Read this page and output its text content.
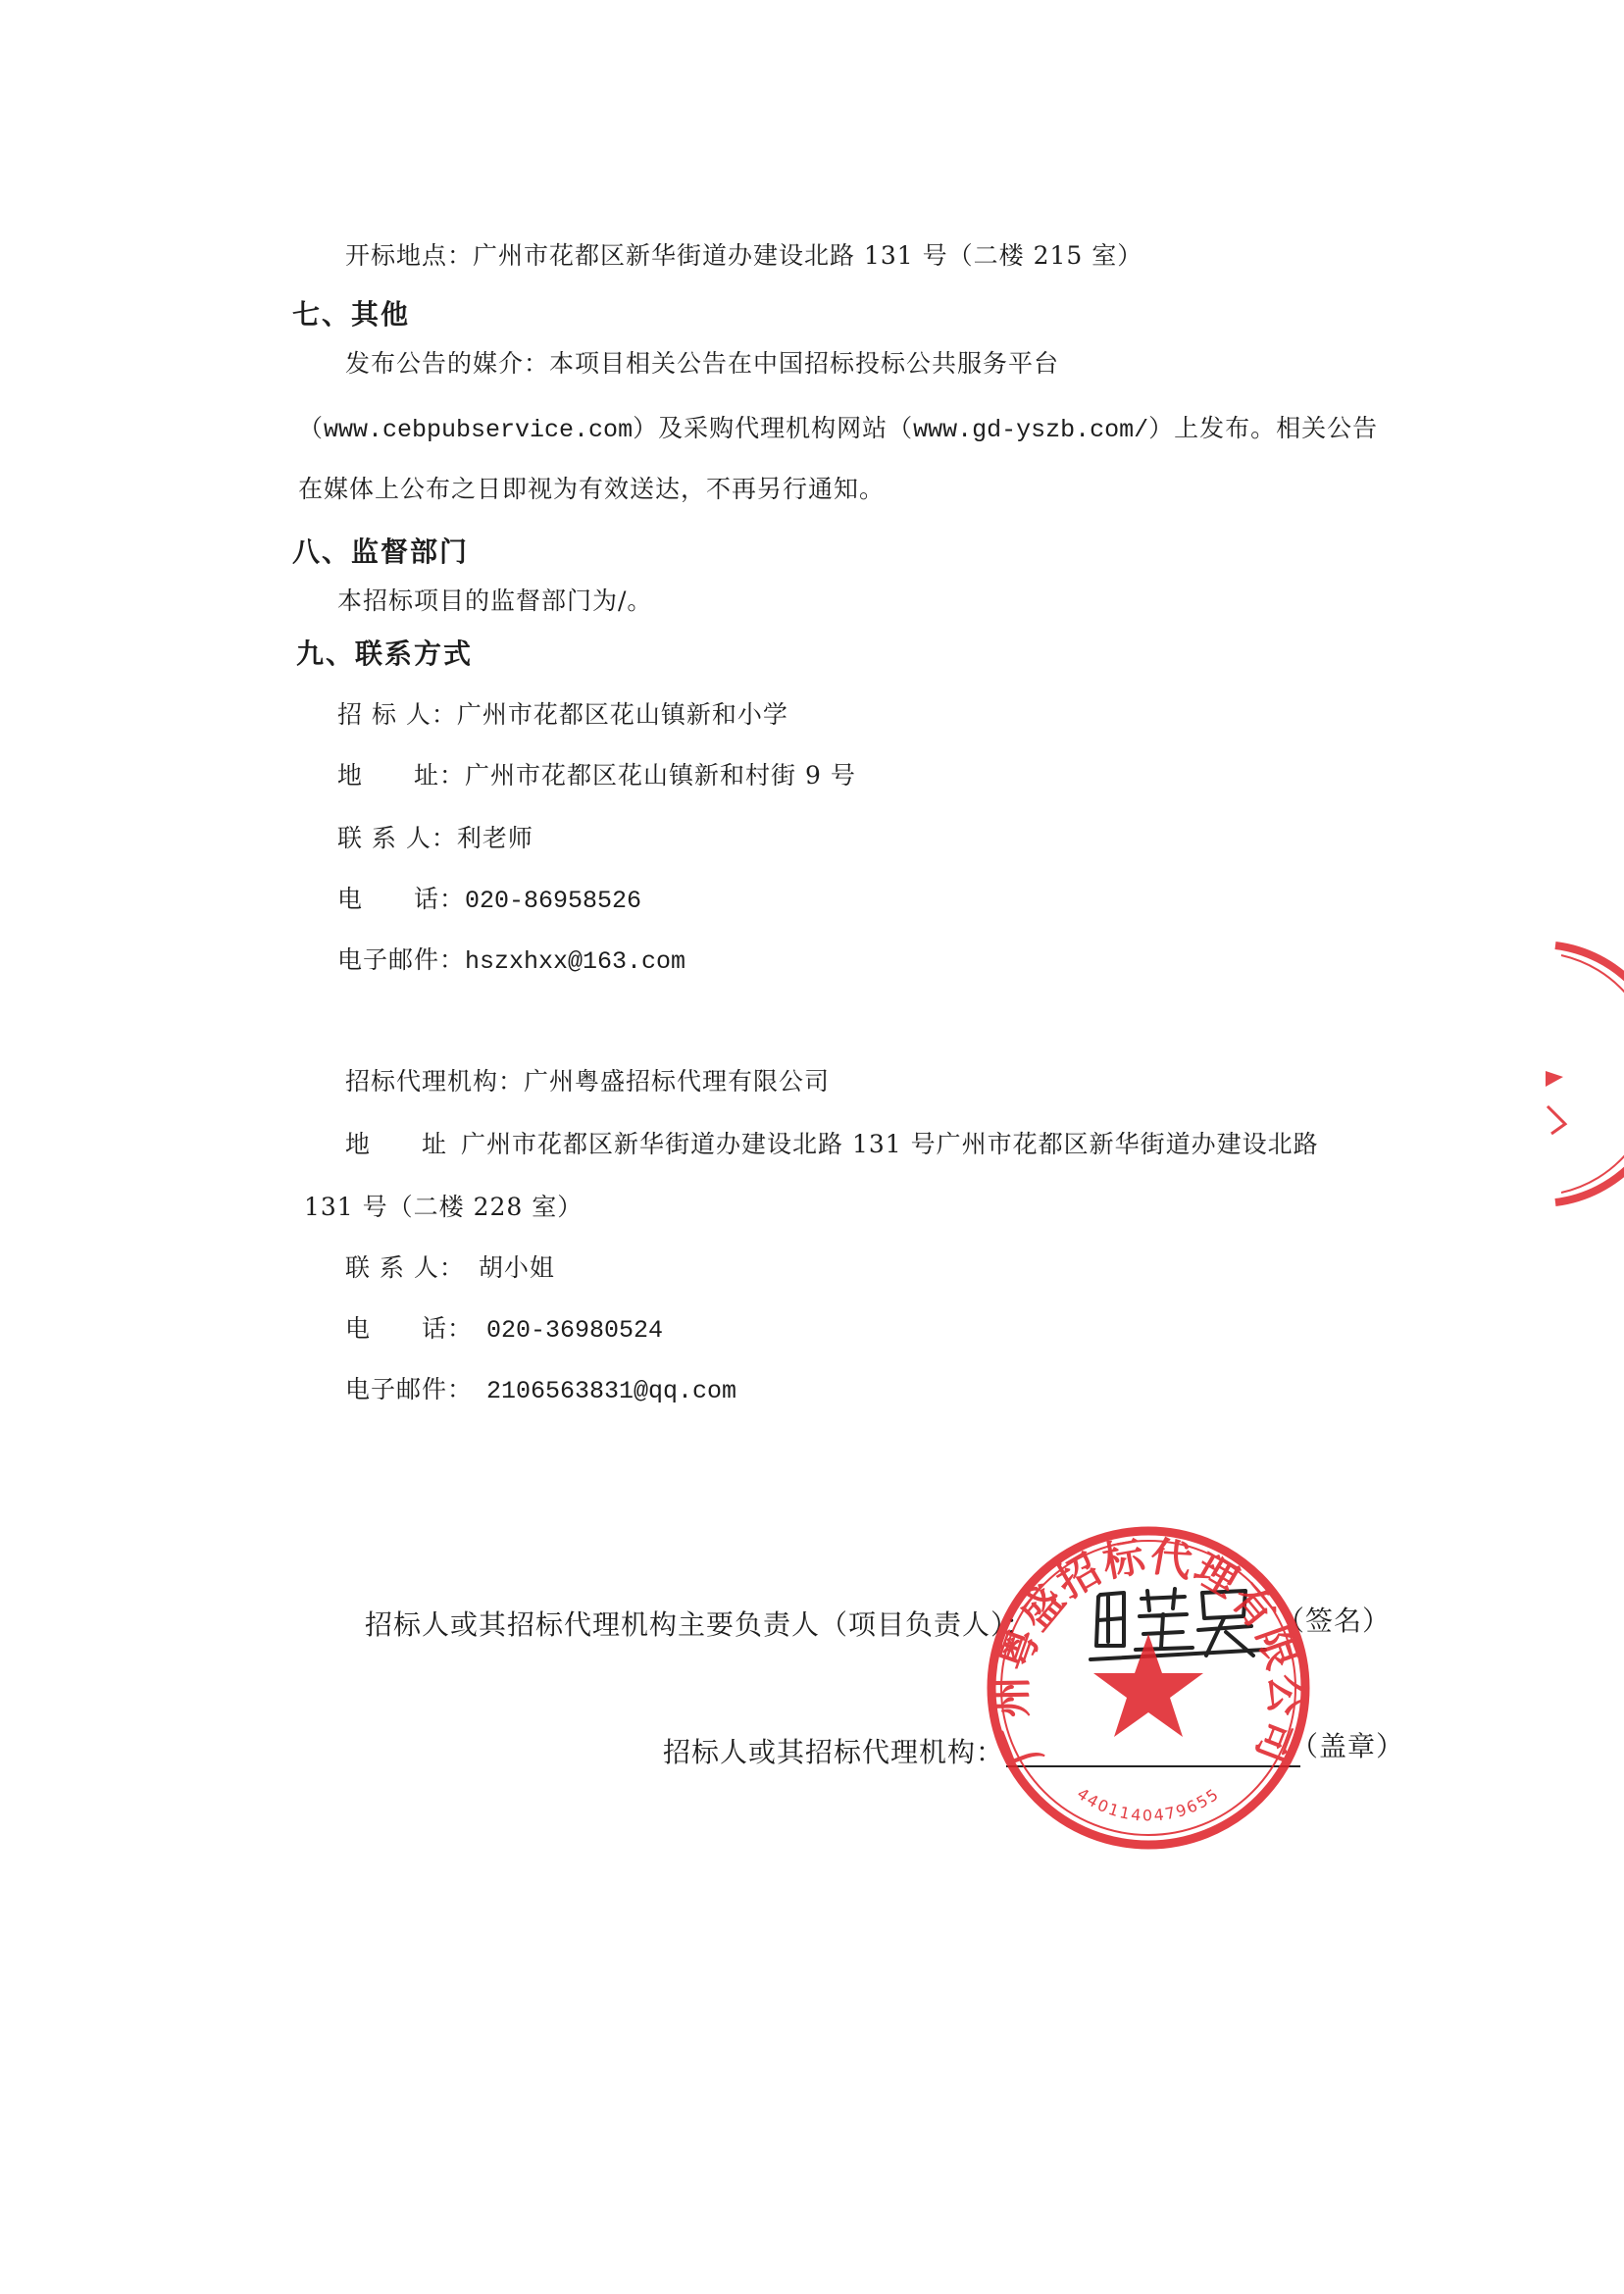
开标地点：广州市花都区新华街道办建设北路 131 号（二楼 215 室）

七、其他

发布公告的媒介：本项目相关公告在中国招标投标公共服务平台

（www.cebpubservice.com）及采购代理机构网站（www.gd-yszb.com/）上发布。相关公告

在媒体上公布之日即视为有效送达，不再另行通知。

八、监督部门

本招标项目的监督部门为/。

九、联系方式

招 标 人：广州市花都区花山镇新和小学

地　　址：广州市花都区花山镇新和村街 9 号

联 系 人：利老师

电　　话：020-86958526

电子邮件：hszxhxx@163.com

招标代理机构：广州粤盛招标代理有限公司

地　　址 广州市花都区新华街道办建设北路 131 号广州市花都区新华街道办建设北路

131 号（二楼 228 室）

联 系 人： 胡小姐

电　　话： 020-36980524

电子邮件： 2106563831@qq.com

招标人或其招标代理机构主要负责人（项目负责人）：	（签名）

招标人或其招标代理机构：	（盖章）

广州粤盛招标代理有限公司
4401140479655
